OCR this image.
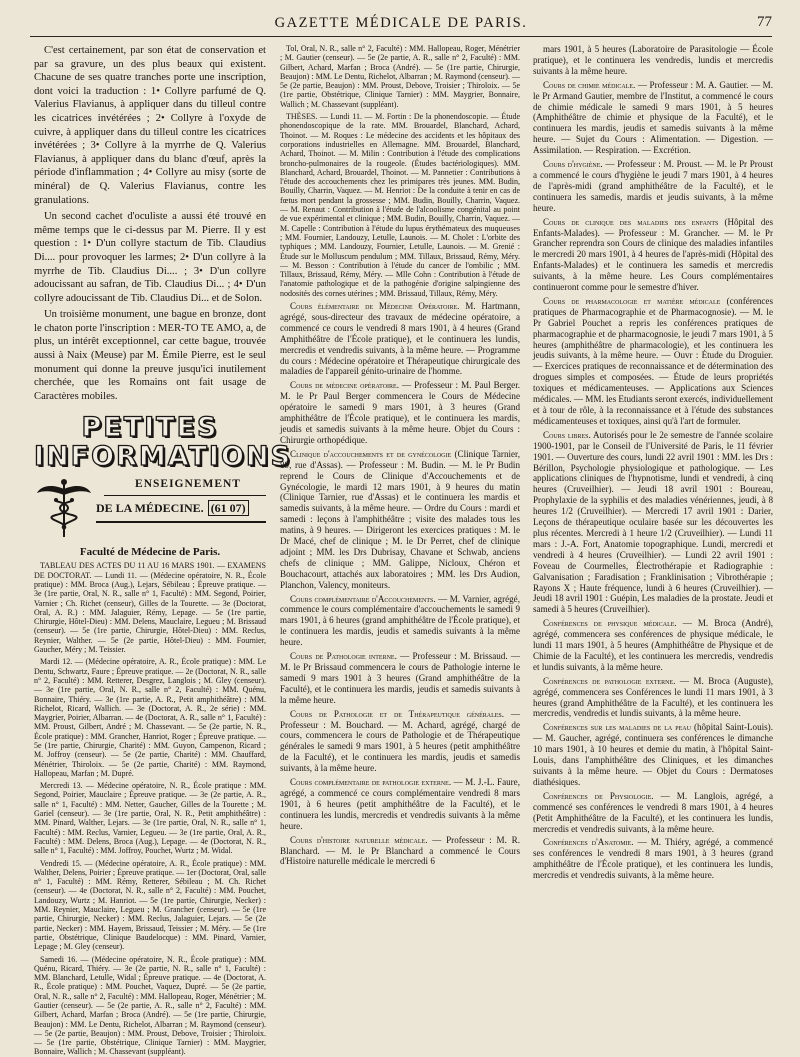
GAZETTE MÉDICALE DE PARIS.	77

C'est certainement, par son état de conservation et par sa gravure, un des plus beaux qui existent. Chacune de ses quatre tranches porte une inscription, dont voici la traduction : 1• Collyre parfumé de Q. Valerius Flavianus, à appliquer dans du tilleul contre les cicatrices invétérées ; 2• Collyre à l'oxyde de cuivre, à appliquer dans du tilleul contre les cicatrices invétérées ; 3• Collyre à la myrrhe de Q. Valerius Flavianus, à appliquer dans du blanc d'œuf, après la période d'inflammation ; 4• Collyre au misy (sorte de minéral) de Q. Valerius Flavianus, contre les granulations.

Un second cachet d'oculiste a aussi été trouvé en même temps que le ci-dessus par M. Pierre. Il y est question : 1• D'un collyre stactum de Tib. Claudius Di.... pour provoquer les larmes; 2• D'un collyre à la myrrhe de Tib. Claudius Di.... ; 3• D'un collyre adoucissant au safran, de Tib. Claudius Di... ; 4• D'un collyre adoucissant de Tib. Claudius Di... et de Solon.

Un troisième monument, une bague en bronze, dont le chaton porte l'inscription : MER-TO TE AMO, a, de plus, un intérêt exceptionnel, car cette bague, trouvée aussi à Naix (Meuse) par M. Émile Pierre, est le seul monument qui donne la preuve jusqu'ici inutilement cherchée, que les Romains ont fait usage de Caractères mobiles.

PETITES
INFORMATIONS
ENSEIGNEMENT
DE LA MÉDECINE. (61 07)

Faculté de Médecine de Paris.

TABLEAU DES ACTES DU 11 AU 16 MARS 1901. — EXAMENS DE DOCTORAT. — Lundi 11. — (Médecine opératoire, N. R., École pratique) : MM. Broca (Aug.), Lejars, Sébileau ; Épreuve pratique. — 3e (1re partie, Oral, N. R., salle n° 1, Faculté) : MM. Segond, Poirier, Varnier ; Ch. Richet (censeur), Gilles de la Tourette. — 3e (Doctorat, Oral, A. R.) : MM. Jalaguier, Rémy, Lepage. — 5e (1re partie, Chirurgie, Hôtel-Dieu) : MM. Delens, Mauclaire, Legueu ; M. Brissaud (censeur). — 5e (1re partie, Chirurgie, Hôtel-Dieu) : MM. Reclus, Reynier, Walther. — 5e (2e partie, Hôtel-Dieu) : MM. Fournier, Gaucher, Méry ; M. Teissier.

Mardi 12. — (Médecine opératoire, A. R., École pratique) : MM. Le Dentu, Schwartz, Faure ; Épreuve pratique. — 2e (Doctorat, N. R., salle n° 2, Faculté) : MM. Retterer, Desgrez, Langlois ; M. Gley (censeur). — 3e (1re partie, Oral, N. R., salle n° 2, Faculté) : MM. Quénu, Bonnaire, Thiéry. — 3e (1re partie, A. R., Petit amphithéâtre) : MM. Richelot, Ricard, Wallich. — 3e (Doctorat, A. R., 2e série) : MM. Maygrier, Poirier, Albarran. — 4e (Doctorat, A. R., salle n° 1, Faculté) : MM. Proust, Gilbert, André ; M. Chassevant. — 5e (2e partie, N. R., École pratique) : MM. Grancher, Hanriot, Roger ; Épreuve pratique. — 5e (1re partie, Chirurgie, Charité) : MM. Guyon, Campenon, Ricard ; M. Joffroy (censeur). — 5e (2e partie, Charité) : MM. Chauffard, Ménétrier, Thiroloix. — 5e (2e partie, Charité) : MM. Raymond, Hallopeau, Marfan ; M. Dupré.

Mercredi 13. — Médecine opératoire, N. R., École pratique : MM. Segond, Poirier, Mauclaire ; Épreuve pratique. — 3e (2e partie, A. R., salle n° 1, Faculté) : MM. Netter, Gaucher, Gilles de la Tourette ; M. Gariel (censeur). — 3e (1re partie, Oral, N. R., Petit amphithéâtre) : MM. Pinard, Walther, Lejars. — 3e (1re partie, Oral, N. R., salle n° 1, Faculté) : MM. Reclus, Varnier, Legueu. — 3e (1re partie, Oral, A. R., Faculté) : MM. Delens, Broca (Aug.), Lepage. — 4e (Doctorat, N. R., salle n° 1, Faculté) : MM. Joffroy, Pouchet, Wurtz ; M. Widal.

Vendredi 15. — (Médecine opératoire, A. R., École pratique) : MM. Walther, Delens, Poirier ; Épreuve pratique. — 1er (Doctorat, Oral, salle n° 1, Faculté) : MM. Rémy, Retterer, Sébileau ; M. Ch. Richet (censeur). — 4e (Doctorat, N. R., salle n° 2, Faculté) : MM. Pouchet, Landouzy, Wurtz ; M. Hanriot. — 5e (1re partie, Chirurgie, Necker) : MM. Reynier, Mauclaire, Legueu ; M. Grancher (censeur). — 5e (1re partie, Chirurgie, Necker) : MM. Reclus, Jalaguier, Lejars. — 5e (2e partie, Necker) : MM. Hayem, Brissaud, Teissier ; M. Méry. — 5e (1re partie, Obstétrique, Clinique Baudelocque) : MM. Pinard, Varnier, Lepage ; M. Gley (censeur).

Samedi 16. — (Médecine opératoire, N. R., École pratique) : MM. Quénu, Ricard, Thiéry. — 3e (2e partie, N. R., salle n° 1, Faculté) : MM. Blanchard, Letulle, Widal ; Épreuve pratique. — 4e (Doctorat, A. R., École pratique) : MM. Pouchet, Vaquez, Dupré. — 5e (2e partie, Oral, N. R., salle n° 2, Faculté) : MM. Hallopeau, Roger, Ménétrier ; M. Gautier (censeur). — 5e (2e partie, A. R., salle n° 2, Faculté) : MM. Gilbert, Achard, Marfan ; Broca (André). — 5e (1re partie, Chirurgie, Beaujon) : MM. Le Dentu, Richelot, Albarran ; M. Raymond (censeur). — 5e (2e partie, Beaujon) : MM. Proust, Debove, Troisier ; Thiroloix. — 5e (1re partie, Obstétrique, Clinique Tarnier) : MM. Maygrier, Bonnaire, Wallich ; M. Chassevant (suppléant).

Tol, Oral, N. R., salle n° 2, Faculté) : MM. Hallopeau, Roger, Ménétrier ; M. Gautier (censeur). — 5e (2e partie, A. R., salle n° 2, Faculté) : MM. Gilbert, Achard, Marfan ; Broca (André). — 5e (1re partie, Chirurgie, Beaujon) : MM. Le Dentu, Richelot, Albarran ; M. Raymond (censeur). — 5e (2e partie, Beaujon) : MM. Proust, Debove, Troisier ; Thiroloix. — 5e (1re partie, Obstétrique, Clinique Tarnier) : MM. Maygrier, Bonnaire, Wallich ; M. Chassevant (suppléant).

THÈSES. — Lundi 11. — M. Fortin : De la phonendoscopie. — Étude phonendoscopique de la rate. MM. Brouardel, Blanchard, Achard, Thoinot. — M. Roques : Le médecine des accidents et les hôpitaux des corporations industrielles en Allemagne. MM. Brouardel, Blanchard, Achard, Thoinot. — M. Milin : Contribution à l'étude des complications broncho-pulmonaires de la rougeole. (Études bactériologiques). MM. Blanchard, Achard, Brouardel, Thoinot. — M. Pannetier : Contributions à l'étude des accouchements chez les primipares très jeunes. MM. Budin, Bouilly, Charrin, Vaquez. — M. Henriot : De la conduite à tenir en cas de fœtus mort pendant la grossesse ; MM. Budin, Bouilly, Charrin, Vaquez. — M. Renaut : Contribution à l'étude de l'alcoolisme congénital au point de vue expérimental et clinique ; MM. Budin, Bouilly, Charrin, Vaquez. — M. Capelle : Contribution à l'étude du lupus érythémateux des muqueuses ; MM. Fournier, Landouzy, Letulle, Launois. — M. Cholet : L'orbite des typhiques ; MM. Landouzy, Fournier, Letulle, Launois. — M. Grenié : Étude sur le Molluscum pendulum ; MM. Tillaux, Brissaud, Rémy, Méry. — M. Besson : Contribution à l'étude du cancer de l'ombilic ; MM. Tillaux, Brissaud, Rémy, Méry. — Mlle Cohn : Contribution à l'étude de l'anatomie pathologique et de la pathogénie d'origine salpingienne des nodosités des cornes utérines ; MM. Brissaud, Tillaux, Rémy, Méry.

Cours élémentaire de Médecine Opératoire. M. Hartmann, agrégé, sous-directeur des travaux de médecine opératoire, a commencé ce cours le vendredi 8 mars 1901, à 4 heures (Grand Amphithéâtre de l'École pratique), et le continuera les lundis, mercredis et vendredis suivants, à la même heure. — Programme du cours : Médecine opératoire et Thérapeutique chirurgicale des maladies de l'appareil génito-urinaire de l'homme.

Cours de médecine opératoire. — Professeur : M. Paul Berger. M. le Pr Paul Berger commencera le Cours de Médecine opératoire le samedi 9 mars 1901, à 3 heures (Grand amphithéâtre de l'École pratique), et le continuera les mardis, jeudis et samedis suivants à la même heure. Objet du Cours : Chirurgie orthopédique.

Clinique d'accouchements et de gynécologie (Clinique Tarnier, 89, rue d'Assas). — Professeur : M. Budin. — M. le Pr Budin reprend le Cours de Clinique d'Accouchements et de Gynécologie, le mardi 12 mars 1901, à 9 heures du matin (Clinique Tarnier, rue d'Assas) et le continuera les mardis et samedis suivants, à la même heure. — Ordre du Cours : mardi et samedi : leçons à l'amphithéâtre ; visite des malades tous les matins, à 9 heures. — Dirigeront les exercices pratiques : M. le Dr Macé, chef de clinique ; M. le Dr Perret, chef de clinique adjoint ; MM. les Drs Dubrisay, Chavane et Schwab, anciens chefs de clinique ; MM. Galippe, Nicloux, Chéron et Bouchacourt, attachés aux laboratoires ; MM. les Drs Audion, Planchon, Valency, moniteurs.

Cours complémentaire d'Accouchements. — M. Varnier, agrégé, commence le cours complémentaire d'accouchements le samedi 9 mars 1901, à 6 heures (grand amphithéâtre de l'École pratique), et le continuera les mardis, jeudis et samedis suivants à la même heure.

Cours de Pathologie interne. — Professeur : M. Brissaud. — M. le Pr Brissaud commencera le cours de Pathologie interne le samedi 9 mars 1901 à 3 heures (Grand amphithéâtre de la Faculté), et le continuera les mardis, jeudis et samedis suivants à la même heure.

Cours de Pathologie et de Thérapeutique générales. — Professeur : M. Bouchard. — M. Achard, agrégé, chargé de cours, commencera le cours de Pathologie et de Thérapeutique générales le samedi 9 mars 1901, à 5 heures (petit amphithéâtre de la Faculté), et le continuera les mardis, jeudis et samedis suivants, à la même heure.

Cours complémentaire de pathologie externe. — M. J.-L. Faure, agrégé, a commencé ce cours complémentaire vendredi 8 mars 1901, à 6 heures (petit amphithéâtre de la Faculté), et le continuera les lundis, mercredis et vendredis suivants à la même heure.

Cours d'histoire naturelle médicale. — Professeur : M. R. Blanchard. — M. le Pr Blanchard a commencé le Cours d'Histoire naturelle médicale le mercredi 6

mars 1901, à 5 heures (Laboratoire de Parasitologie — École pratique), et le continuera les vendredis, lundis et mercredis suivants à la même heure.

Cours de chimie médicale. — Professeur : M. A. Gautier. — M. le Pr Armand Gautier, membre de l'Institut, a commencé le cours de chimie médicale le samedi 9 mars 1901, à 5 heures (Amphithéâtre de chimie et physique de la Faculté), et le continuera les mardis, jeudis et samedis suivants à la même heure. — Sujet du Cours : Alimentation. — Digestion. — Assimilation. — Respiration. — Excrétion.

Cours d'hygiène. — Professeur : M. Proust. — M. le Pr Proust a commencé le cours d'hygiène le jeudi 7 mars 1901, à 4 heures de l'après-midi (grand amphithéâtre de la Faculté), et le continuera les samedis, mardis et jeudis suivants, à la même heure.

Cours de clinique des maladies des enfants (Hôpital des Enfants-Malades). — Professeur : M. Grancher. — M. le Pr Grancher reprendra son Cours de clinique des maladies infantiles le mercredi 20 mars 1901, à 4 heures de l'après-midi (Hôpital des Enfants-Malades) et le continuera les samedis et mercredis suivants, à la même heure. Les Cours complémentaires continueront comme pour le semestre d'hiver.

Cours de pharmacologie et matière médicale (conférences pratiques de Pharmacographie et de Pharmacognosie). — M. le Pr Gabriel Pouchet a repris les conférences pratiques de pharmacographie et de pharmacognosie, le jeudi 7 mars 1901, à 5 heures (amphithéâtre de pharmacologie), et les continuera les jeudis suivants, à la même heure. — Ouvr : Étude du Droguier. — Exercices pratiques de reconnaissance et de détermination des drogues simples et composées. — Étude de leurs propriétés toxiques et médicamenteuses. — Applications aux Sciences médicales. — MM. les Etudiants seront exercés, individuellement et à tour de rôle, à la reconnaissance et à l'étude des substances médicamenteuses et toxiques, ainsi qu'à l'art de formuler.

Cours libres. Autorisés pour le 2e semestre de l'année scolaire 1900-1901, par le Conseil de l'Université de Paris, le 11 février 1901. — Ouverture des cours, lundi 22 avril 1901 : MM. les Drs : Bérillon, Psychologie physiologique et pathologique. — Les applications cliniques de l'hypnotisme, lundi et vendredi, à cinq heures (Cruveilhier). — Jeudi 18 avril 1901 : Boureau, Prophylaxie de la syphilis et des maladies vénériennes, jeudi, à 8 heures 1/2 (Cruveilhier). — Mercredi 17 avril 1901 : Darier, Leçons de thérapeutique oculaire basée sur les découvertes les plus récentes. Mercredi à 1 heure 1/2 (Cruveilhier). — Lundi 11 mars : J.-A. Fort, Anatomie topographique. Lundi, mercredi et vendredi à 4 heures (Cruveilhier). — Lundi 22 avril 1901 : Foveau de Courmelles, Électrothérapie et Radiographie : Galvanisation ; Faradisation ; Franklinisation ; Vibrothérapie ; Rayons X ; Haute fréquence, lundi à 6 heures (Cruveilhier). — Jeudi 18 avril 1901 : Guépin, Les maladies de la prostate. Jeudi et samedi à 5 heures (Cruveilhier).

Conférences de physique médicale. — M. Broca (André), agrégé, commencera ses conférences de physique médicale, le lundi 11 mars 1901, à 5 heures (Amphithéâtre de Physique et de Chimie de la Faculté), et les continuera les mercredis, vendredis et lundis suivants, à la même heure.

Conférences de pathologie externe. — M. Broca (Auguste), agrégé, commencera ses Conférences le lundi 11 mars 1901, à 3 heures (grand Amphithéâtre de la Faculté), et les continuera les mercredis, vendredis et lundis suivants, à la même heure.

Conférences sur les maladies de la peau (hôpital Saint-Louis). — M. Gaucher, agrégé, continuera ses conférences le dimanche 10 mars 1901, à 10 heures et demie du matin, à l'hôpital Saint-Louis, dans l'amphithéâtre des Cliniques, et les dimanches suivants à la même heure. — Objet du Cours : Dermatoses diathésiques.

Conférences de Physiologie. — M. Langlois, agrégé, a commencé ses conférences le vendredi 8 mars 1901, à 4 heures (Petit Amphithéâtre de la Faculté), et les continuera les lundis, mercredis et vendredis suivants, à la même heure.

Conférences d'Anatomie. — M. Thiéry, agrégé, a commencé ses conférences le vendredi 8 mars 1901, à 3 heures (grand amphithéâtre de l'École pratique), et les continuera les lundis, mercredis et vendredis suivants, à la même heure.
